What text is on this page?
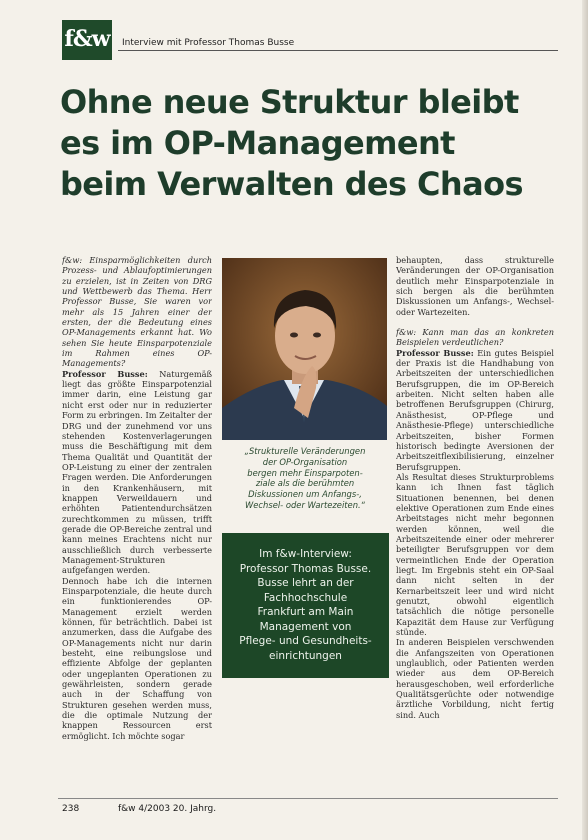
f&w Interview mit Professor Thomas Busse
Ohne neue Struktur bleibt
es im OP-Management
beim Verwalten des Chaos

f&w: Einsparmöglichkeiten durch Prozess- und Ablaufoptimierungen zu erzielen, ist in Zeiten von DRG und Wettbewerb das Thema. Herr Professor Busse, Sie waren vor mehr als 15 Jahren einer der ersten, der die Bedeutung eines OP-Managements erkannt hat. Wo sehen Sie heute Einsparpotenziale im Rahmen eines OP-Managements?

Professor Busse: Naturgemäß liegt das größte Einsparpotenzial immer darin, eine Leistung gar nicht erst oder nur in reduzierter Form zu erbringen. Im Zeitalter der DRG und der zunehmend vor uns stehenden Kostenverlagerungen muss die Beschäftigung mit dem Thema Qualität und Quantität der OP-Leistung zu einer der zentralen Fragen werden. Die Anforderungen in den Krankenhäusern, mit knappen Verweildauern und erhöhten Patientendurchsätzen zurechtkommen zu müssen, trifft gerade die OP-Bereiche zentral und kann meines Erachtens nicht nur ausschließlich durch verbesserte Management-Strukturen aufgefangen werden.

Dennoch habe ich die internen Einsparpotenziale, die heute durch ein funktionierendes OP-Management erzielt werden können, für beträchtlich. Dabei ist anzumerken, dass die Aufgabe des OP-Managements nicht nur darin besteht, eine reibungslose und effiziente Abfolge der geplanten oder ungeplanten Operationen zu gewährleisten, sondern gerade auch in der Schaffung von Strukturen gesehen werden muss, die die optimale Nutzung der knappen Ressourcen erst ermöglicht. Ich möchte sogar

„Strukturelle Veränderungen
der OP-Organisation
bergen mehr Einsparpoten-
ziale als die berühmten
Diskussionen um Anfangs-,
Wechsel- oder Wartezeiten.“
Im f&w-Interview:
Professor Thomas Busse.
Busse lehrt an der
Fachhochschule
Frankfurt am Main
Management von
Pflege- und Gesundheits-
einrichtungen

behaupten, dass strukturelle Veränderungen der OP-Organisation deutlich mehr Einsparpotenziale in sich bergen als die berühmten Diskussionen um Anfangs-, Wechsel- oder Wartezeiten.

f&w: Kann man das an konkreten Beispielen verdeutlichen?

Professor Busse: Ein gutes Beispiel der Praxis ist die Handhabung von Arbeitszeiten der unterschiedlichen Berufsgruppen, die im OP-Bereich arbeiten. Nicht selten haben alle betroffenen Berufsgruppen (Chirurg, Anästhesist, OP-Pflege und Anästhesie-Pflege) unterschiedliche Arbeitszeiten, bisher Formen historisch bedingte Aversionen der Arbeitszeitflexibilisierung, einzelner Berufsgruppen.

Als Resultat dieses Strukturproblems kann ich Ihnen fast täglich Situationen benennen, bei denen elektive Operationen zum Ende eines Arbeitstages nicht mehr begonnen werden können, weil die Arbeitszeitende einer oder mehrerer beteiligter Berufsgruppen vor dem vermeintlichen Ende der Operation liegt. Im Ergebnis steht ein OP-Saal dann nicht selten in der Kernarbeitszeit leer und wird nicht genutzt, obwohl eigentlich tatsächlich die nötige personelle Kapazität dem Hause zur Verfügung stünde.

In anderen Beispielen verschwenden die Anfangszeiten von Operationen unglaublich, oder Patienten werden wieder aus dem OP-Bereich herausgeschoben, weil erforderliche Qualitätsgerüchte oder notwendige ärztliche Vorbildung, nicht fertig sind. Auch

238	f&w 4/2003 20. Jahrg.
